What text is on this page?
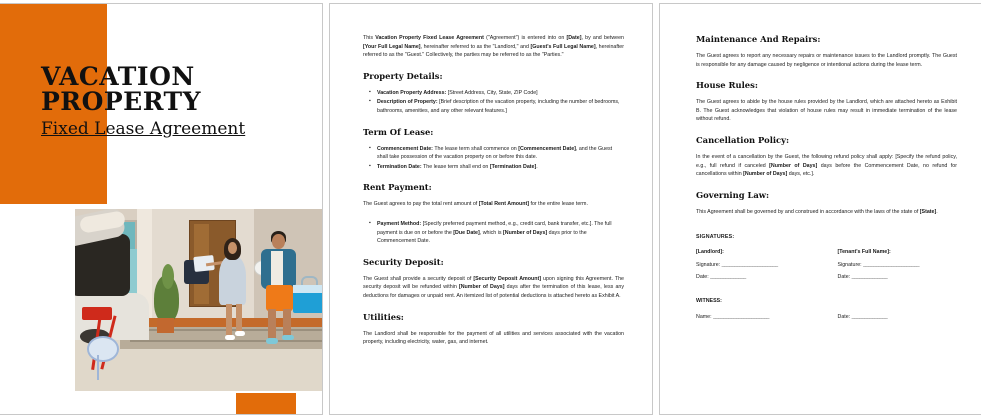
VACATION
PROPERTY
Fixed Lease Agreement

This Vacation Property Fixed Lease Agreement ("Agreement") is entered into on [Date], by and between [Your Full Legal Name], hereinafter referred to as the "Landlord," and [Guest's Full Legal Name], hereinafter referred to as the "Guest." Collectively, the parties may be referred to as the "Parties."

Property Details:
▪ Vacation Property Address: [Street Address, City, State, ZIP Code]
▪ Description of Property: [Brief description of the vacation property, including the number of bedrooms, bathrooms, amenities, and any other relevant features.]
Term Of Lease:
▪ Commencement Date: The lease term shall commence on [Commencement Date], and the Guest shall take possession of the vacation property on or before this date.
▪ Termination Date: The lease term shall end on [Termination Date].
Rent Payment:

The Guest agrees to pay the total rent amount of [Total Rent Amount] for the entire lease term.

▪ Payment Method: [Specify preferred payment method, e.g., credit card, bank transfer, etc.]. The full payment is due on or before the [Due Date], which is [Number of Days] days prior to the Commencement Date.
Security Deposit:

The Guest shall provide a security deposit of [Security Deposit Amount] upon signing this Agreement. The security deposit will be refunded within [Number of Days] days after the termination of this lease, less any deductions for damages or unpaid rent. An itemized list of potential deductions is attached hereto as Exhibit A.

Utilities:

The Landlord shall be responsible for the payment of all utilities and services associated with the vacation property, including electricity, water, gas, and internet.

Maintenance And Repairs:

The Guest agrees to report any necessary repairs or maintenance issues to the Landlord promptly. The Guest is responsible for any damage caused by negligence or intentional actions during the lease term.

House Rules:

The Guest agrees to abide by the house rules provided by the Landlord, which are attached hereto as Exhibit B. The Guest acknowledges that violation of house rules may result in immediate termination of the lease without refund.

Cancellation Policy:

In the event of a cancellation by the Guest, the following refund policy shall apply: [Specify the refund policy, e.g., full refund if canceled [Number of Days] days before the Commencement Date, no refund for cancellations within [Number of Days] days, etc.].

Governing Law:

This Agreement shall be governed by and construed in accordance with the laws of the state of [State].

SIGNATURES:
[Landlord]:
Signature: ______________________
Date: ______________
[Tenant's Full Name]:
Signature: ______________________
Date: ______________
WITNESS:
Name: ______________________	Date: ______________
